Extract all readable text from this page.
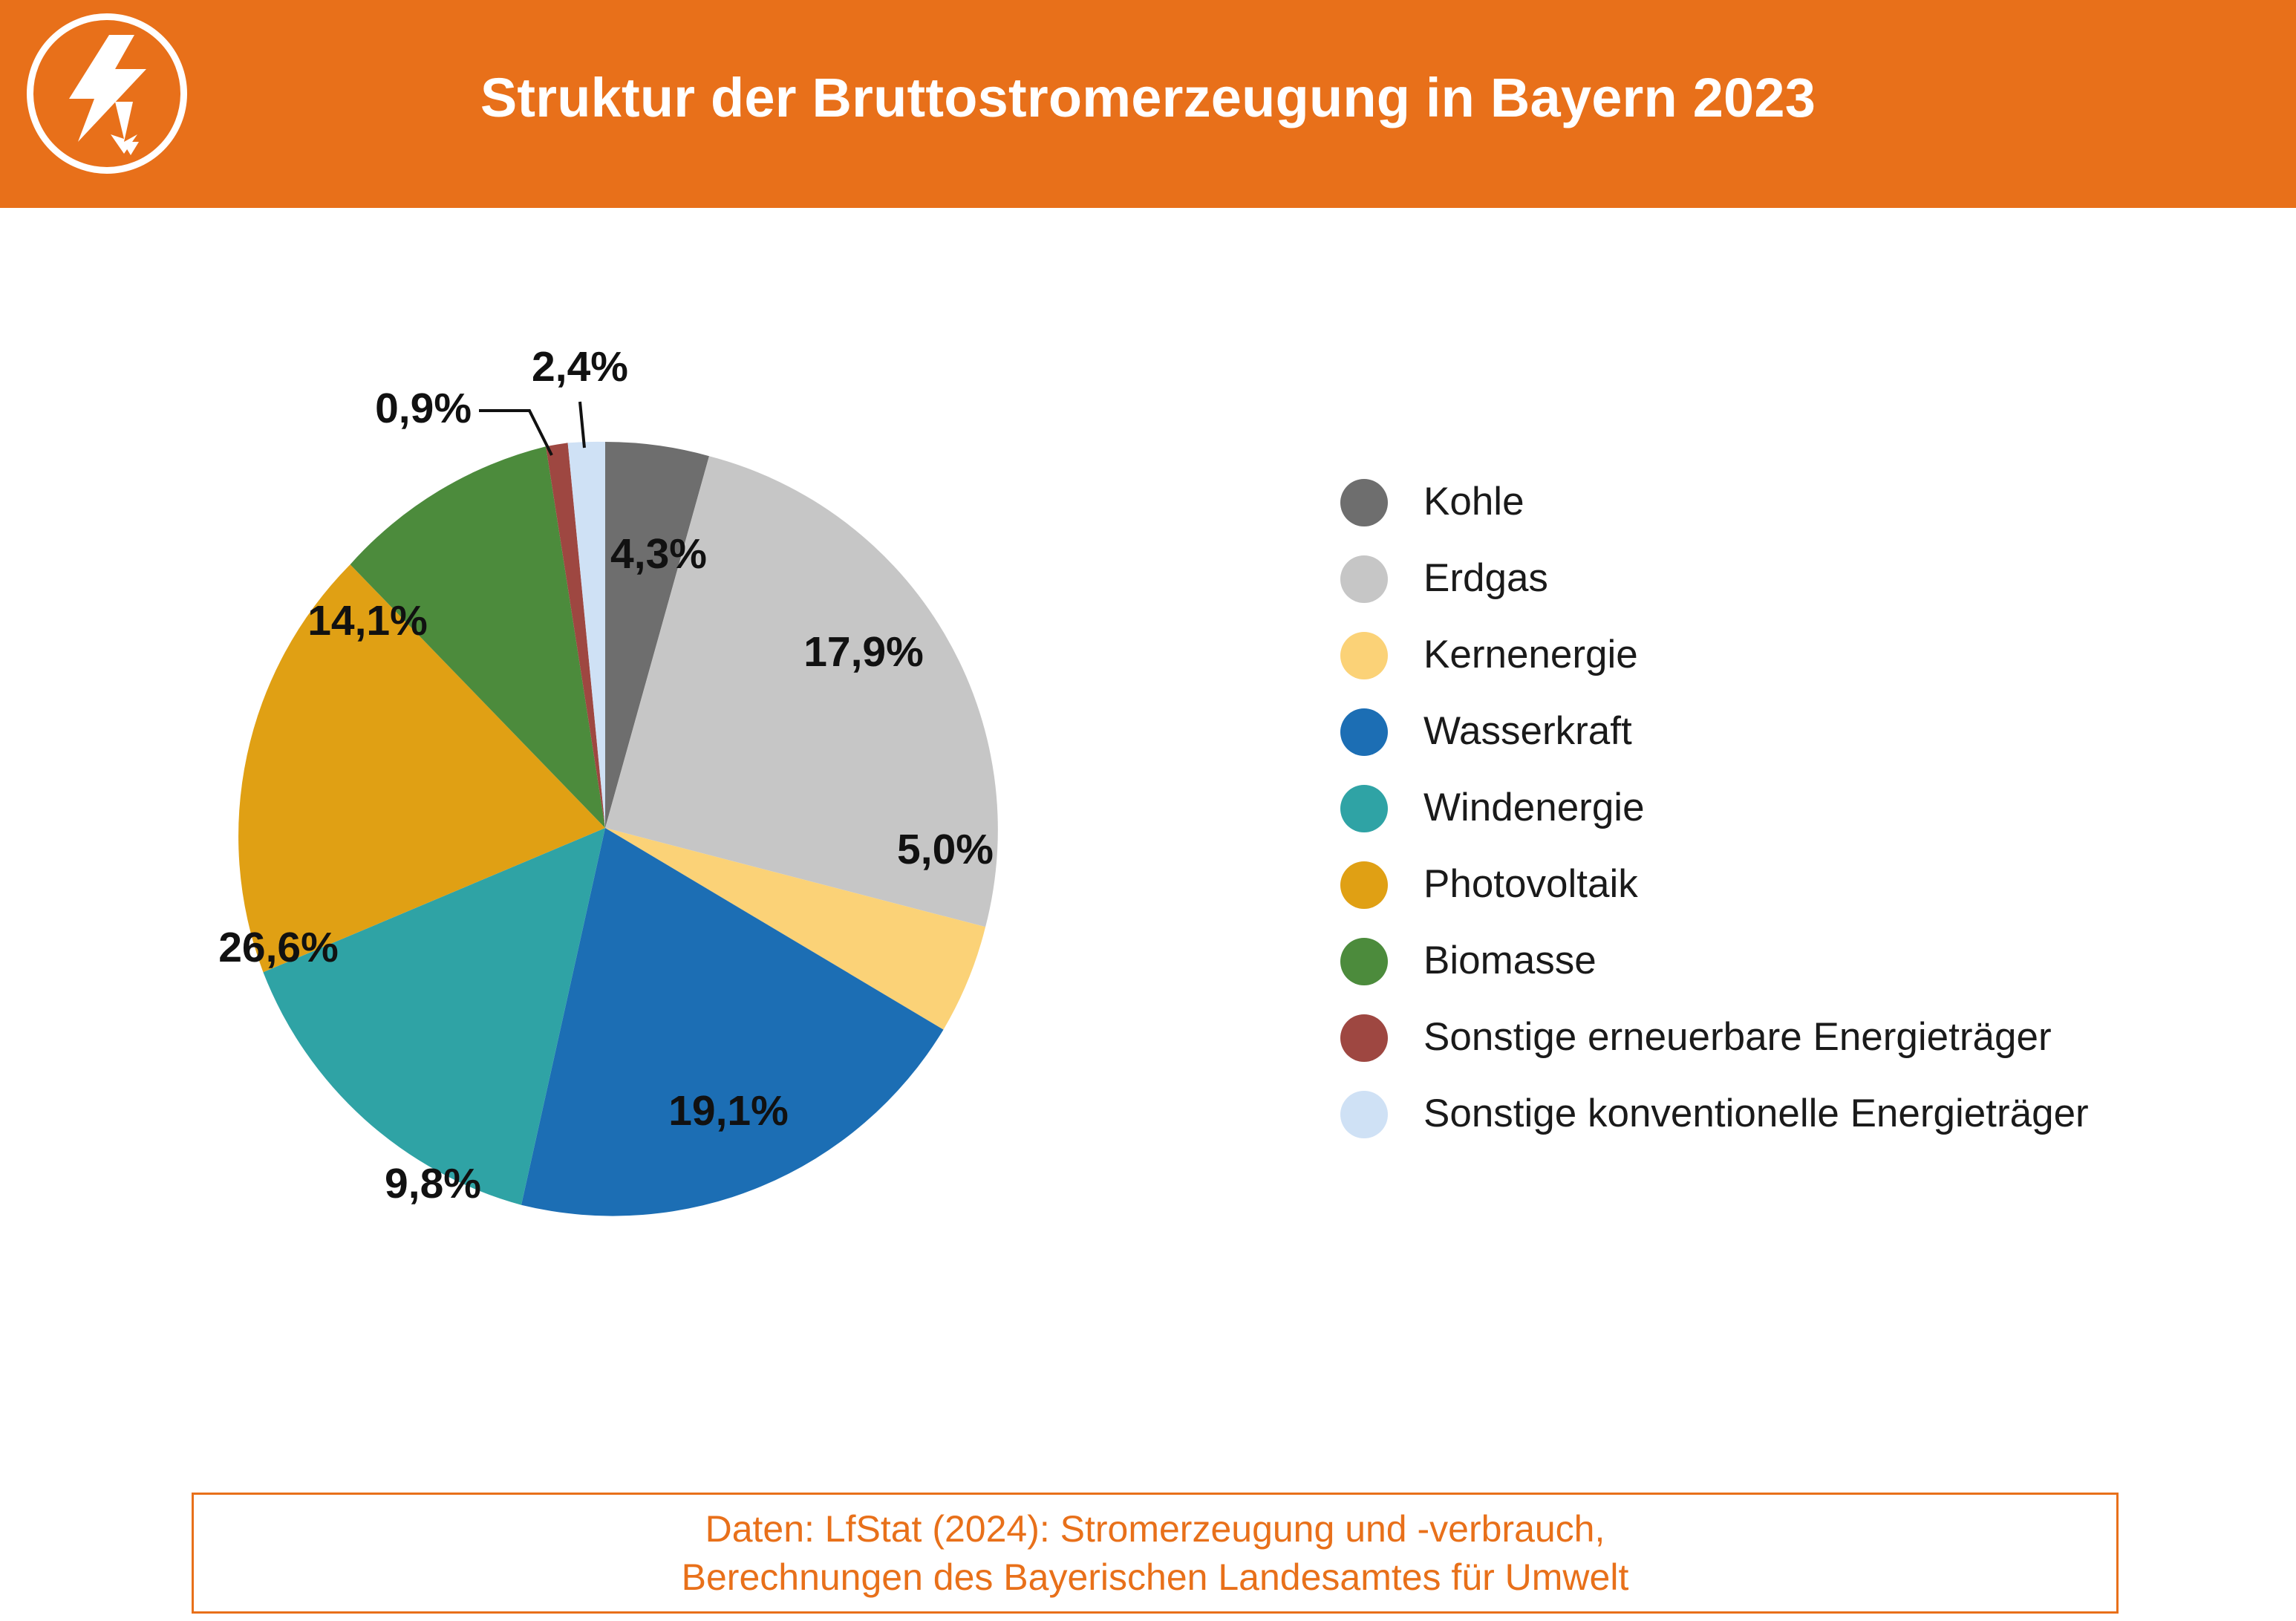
Struktur der Bruttostromerzeugung in Bayern 2023
4,3%
17,9%
5,0%
19,1%
9,8%
26,6%
14,1%
0,9%
2,4%
Kohle
Erdgas
Kernenergie
Wasserkraft
Windenergie
Photovoltaik
Biomasse
Sonstige erneuerbare Energieträger
Sonstige konventionelle Energieträger
Daten: LfStat (2024): Stromerzeugung und -verbrauch,
Berechnungen des Bayerischen Landesamtes für Umwelt
